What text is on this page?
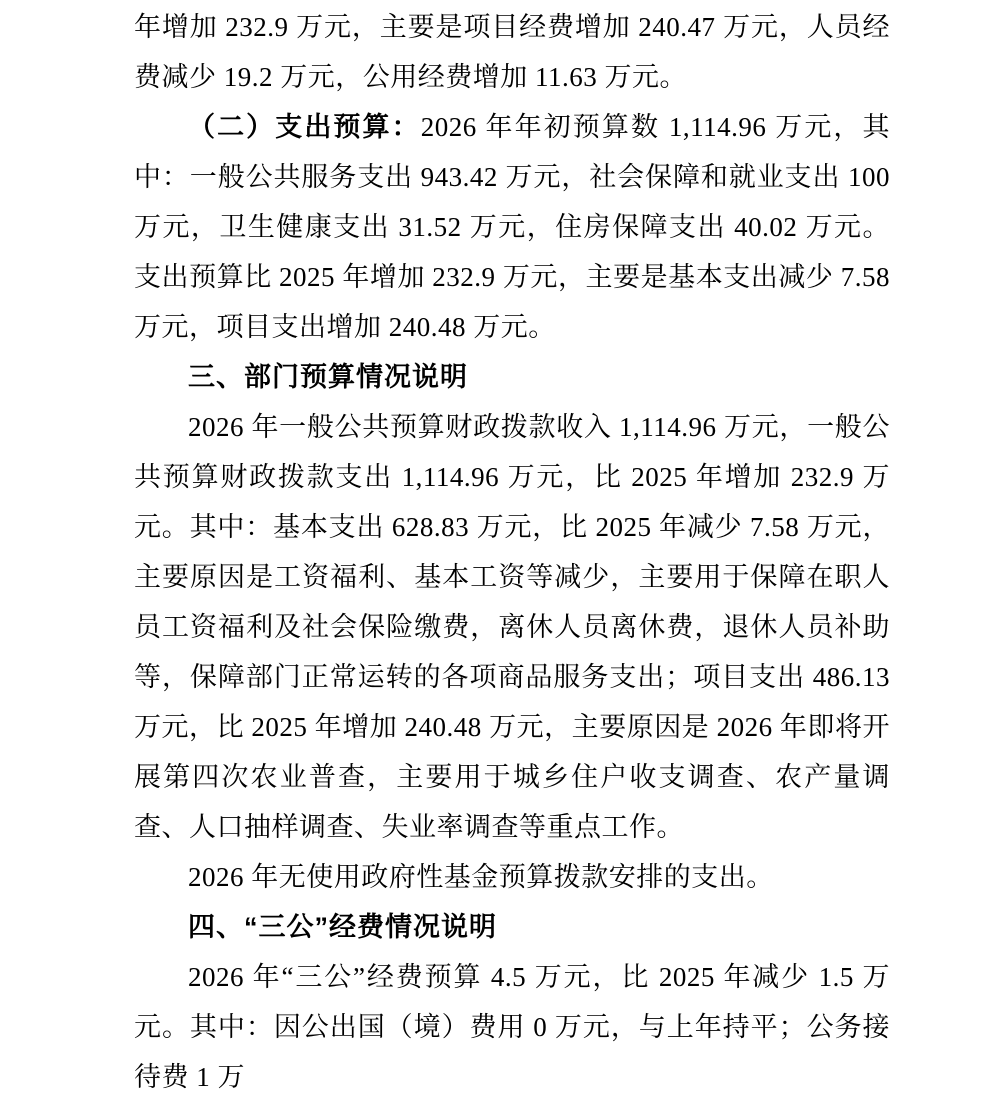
年增加 232.9 万元，主要是项目经费增加 240.47 万元，人员经费减少 19.2 万元，公用经费增加 11.63 万元。

（二）支出预算：2026 年年初预算数 1,114.96 万元，其中：一般公共服务支出 943.42 万元，社会保障和就业支出 100 万元，卫生健康支出 31.52 万元，住房保障支出 40.02 万元。支出预算比 2025 年增加 232.9 万元，主要是基本支出减少 7.58 万元，项目支出增加 240.48 万元。

三、部门预算情况说明

2026 年一般公共预算财政拨款收入 1,114.96 万元，一般公共预算财政拨款支出 1,114.96 万元，比 2025 年增加 232.9 万元。其中：基本支出 628.83 万元，比 2025 年减少 7.58 万元，主要原因是工资福利、基本工资等减少，主要用于保障在职人员工资福利及社会保险缴费，离休人员离休费，退休人员补助等，保障部门正常运转的各项商品服务支出；项目支出 486.13 万元，比 2025 年增加 240.48 万元，主要原因是 2026 年即将开展第四次农业普查，主要用于城乡住户收支调查、农产量调查、人口抽样调查、失业率调查等重点工作。

2026 年无使用政府性基金预算拨款安排的支出。

四、“三公”经费情况说明

2026 年“三公”经费预算 4.5 万元，比 2025 年减少 1.5 万元。其中：因公出国（境）费用 0 万元，与上年持平；公务接待费 1 万
